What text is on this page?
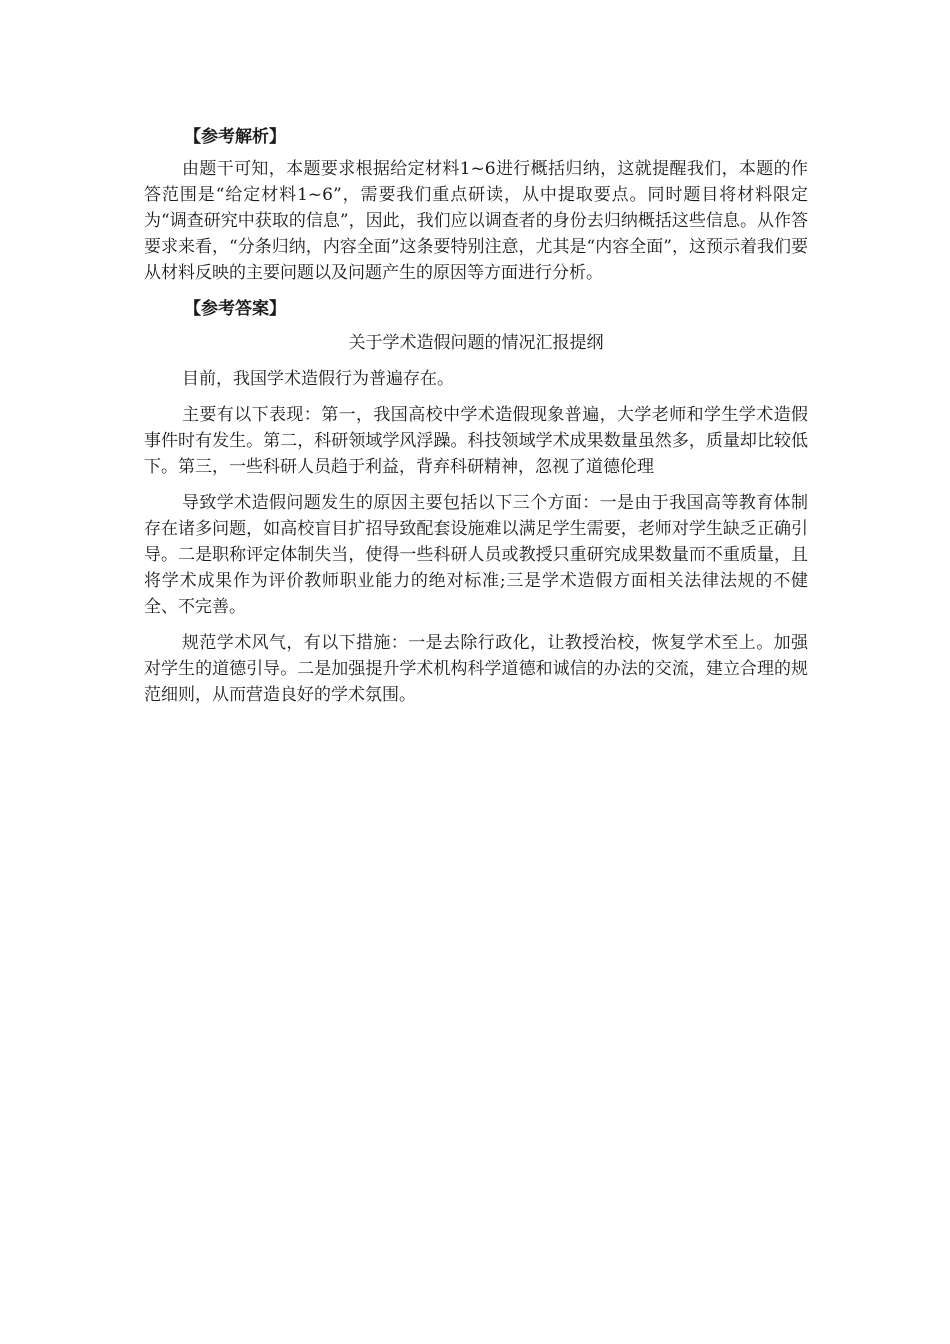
【参考解析】

由题干可知，本题要求根据给定材料1~6进行概括归纳，这就提醒我们，本题的作答范围是“给定材料1~6”，需要我们重点研读，从中提取要点。同时题目将材料限定为“调查研究中获取的信息”，因此，我们应以调查者的身份去归纳概括这些信息。从作答要求来看，“分条归纳，内容全面”这条要特别注意，尤其是“内容全面”，这预示着我们要从材料反映的主要问题以及问题产生的原因等方面进行分析。

【参考答案】
关于学术造假问题的情况汇报提纲

目前，我国学术造假行为普遍存在。

主要有以下表现：第一，我国高校中学术造假现象普遍，大学老师和学生学术造假事件时有发生。第二，科研领域学风浮躁。科技领域学术成果数量虽然多，质量却比较低下。第三，一些科研人员趋于利益，背弃科研精神，忽视了道德伦理

导致学术造假问题发生的原因主要包括以下三个方面：一是由于我国高等教育体制存在诸多问题，如高校盲目扩招导致配套设施难以满足学生需要，老师对学生缺乏正确引导。二是职称评定体制失当，使得一些科研人员或教授只重研究成果数量而不重质量，且将学术成果作为评价教师职业能力的绝对标准;三是学术造假方面相关法律法规的不健全、不完善。

规范学术风气，有以下措施：一是去除行政化，让教授治校，恢复学术至上。加强对学生的道德引导。二是加强提升学术机构科学道德和诚信的办法的交流，建立合理的规范细则，从而营造良好的学术氛围。
